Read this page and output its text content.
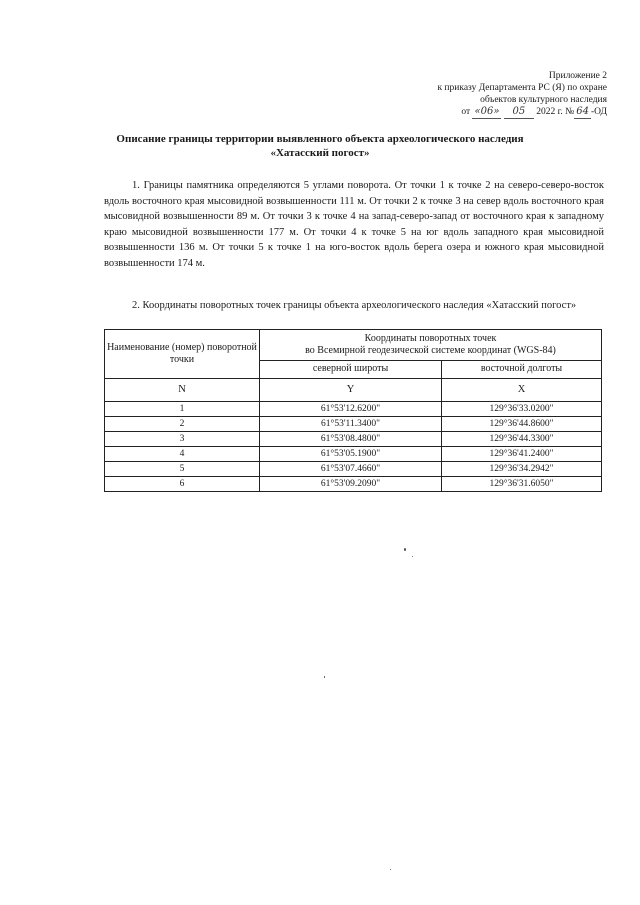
Приложение 2
к приказу Департамента РС (Я) по охране
объектов культурного наследия
от «06» 05 2022 г. № 64 -ОД
Описание границы территории выявленного объекта археологического наследия
«Хатасский погост»
1. Границы памятника определяются 5 углами поворота. От точки 1 к точке 2 на северо-северо-восток вдоль восточного края мысовидной возвышенности 111 м. От точки 2 к точке 3 на север вдоль восточного края мысовидной возвышенности 89 м. От точки 3 к точке 4 на запад-северо-запад от восточного края к западному краю мысовидной возвышенности 177 м. От точки 4 к точке 5 на юг вдоль западного края мысовидной возвышенности 136 м. От точки 5 к точке 1 на юго-восток вдоль берега озера и южного края мысовидной возвышенности 174 м.
2. Координаты поворотных точек границы объекта археологического наследия «Хатасский погост»
Наименование (номер) поворотной точки	Координаты поворотных точек
во Всемирной геодезической системе координат (WGS-84)	

	северной широты	восточной долготы
N	Y	X
1	61°53'12.6200"	129°36'33.0200"
2	61°53'11.3400"	129°36'44.8600"
3	61°53'08.4800"	129°36'44.3300"
4	61°53'05.1900"	129°36'41.2400"
5	61°53'07.4660"	129°36'34.2942"
6	61°53'09.2090"	129°36'31.6050"
